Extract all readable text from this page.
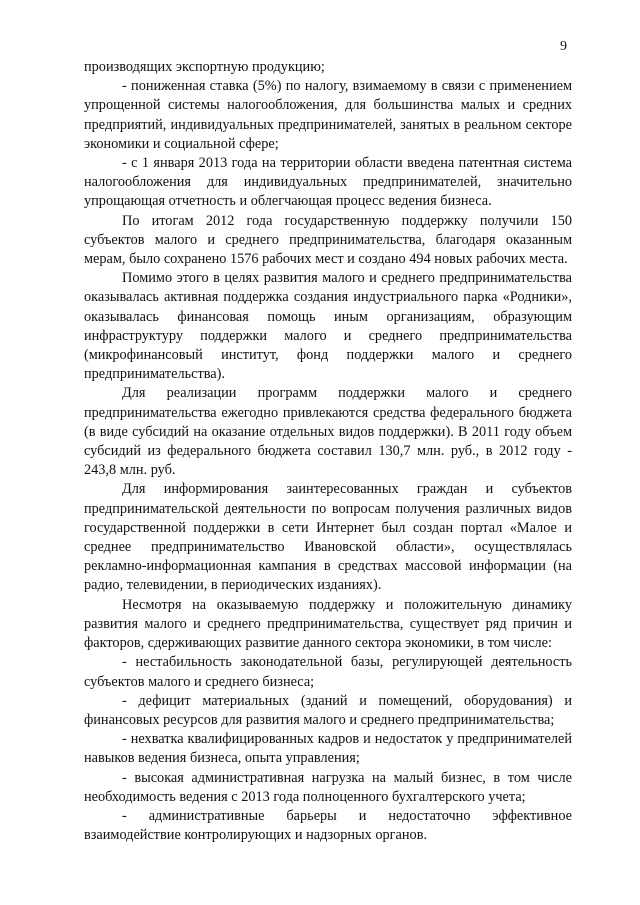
9

производящих экспортную продукцию;

- пониженная ставка (5%) по налогу, взимаемому в связи с применением упрощенной системы налогообложения, для большинства малых и средних предприятий, индивидуальных предпринимателей, занятых в реальном секторе экономики и социальной сфере;

- с 1 января 2013 года на территории области введена патентная система налогообложения для индивидуальных предпринимателей, значительно упрощающая отчетность и облегчающая процесс ведения бизнеса.

По итогам 2012 года государственную поддержку получили 150 субъектов малого и среднего предпринимательства, благодаря оказанным мерам, было сохранено 1576 рабочих мест и создано 494 новых рабочих места.

Помимо этого в целях развития малого и среднего предпринимательства оказывалась активная поддержка создания индустриального парка «Родники», оказывалась финансовая помощь иным организациям, образующим инфраструктуру поддержки малого и среднего предпринимательства (микрофинансовый институт, фонд поддержки малого и среднего предпринимательства).

Для реализации программ поддержки малого и среднего предпринимательства ежегодно привлекаются средства федерального бюджета (в виде субсидий на оказание отдельных видов поддержки). В 2011 году объем субсидий из федерального бюджета составил 130,7 млн. руб., в 2012 году - 243,8 млн. руб.

Для информирования заинтересованных граждан и субъектов предпринимательской деятельности по вопросам получения различных видов государственной поддержки в сети Интернет был создан портал «Малое и среднее предпринимательство Ивановской области», осуществлялась рекламно-информационная кампания в средствах массовой информации (на радио, телевидении, в периодических изданиях).

Несмотря на оказываемую поддержку и положительную динамику развития малого и среднего предпринимательства, существует ряд причин и факторов, сдерживающих развитие данного сектора экономики, в том числе:

- нестабильность законодательной базы, регулирующей деятельность субъектов малого и среднего бизнеса;

- дефицит материальных (зданий и помещений, оборудования) и финансовых ресурсов для развития малого и среднего предпринимательства;

- нехватка квалифицированных кадров и недостаток у предпринимателей навыков ведения бизнеса, опыта управления;

- высокая административная нагрузка на малый бизнес, в том числе необходимость ведения с 2013 года полноценного бухгалтерского учета;

- административные барьеры и недостаточно эффективное взаимодействие контролирующих и надзорных органов.
